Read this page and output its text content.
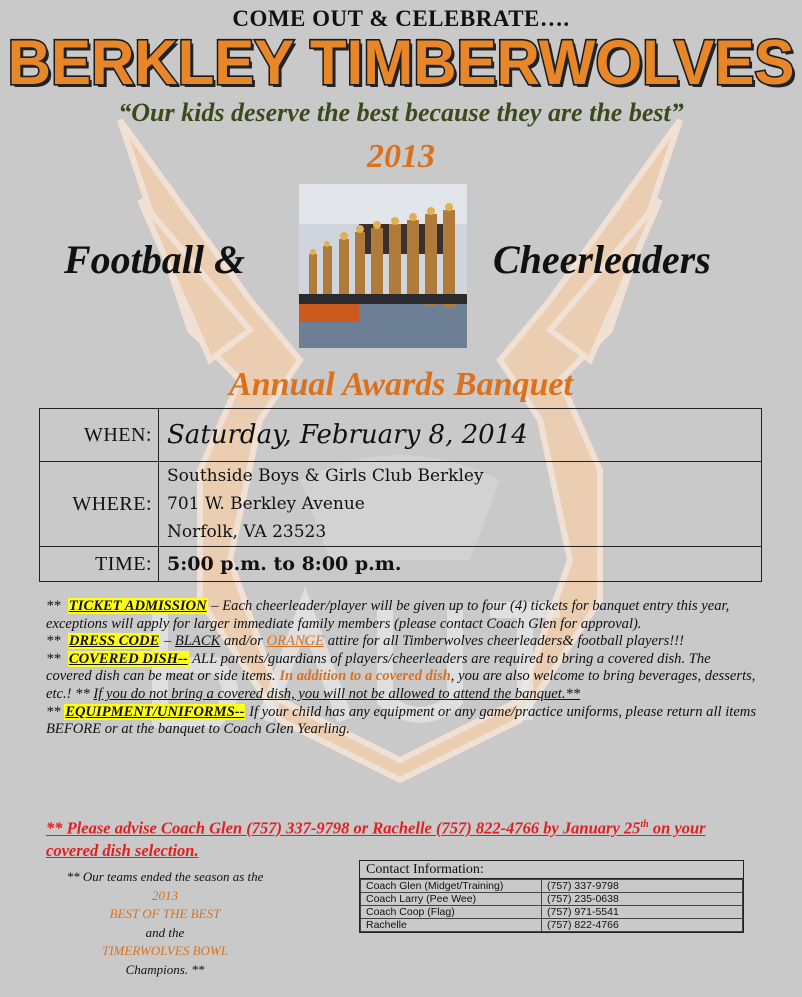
COME OUT & CELEBRATE….
BERKLEY TIMBERWOLVES
“Our kids deserve the best because they are the best”
2013
Football &	Cheerleaders
Annual Awards Banquet
WHEN:	Saturday, February 8, 2014
WHERE:	Southside Boys & Girls Club Berkley
701 W. Berkley Avenue
Norfolk, VA 23523

TIME:	5:00 p.m. to 8:00 p.m.

**  TICKET ADMISSION – Each cheerleader/player will be given up to four (4) tickets for banquet entry this year, exceptions will apply for larger immediate family members (please contact Coach Glen for approval).

**  DRESS CODE – BLACK and/or ORANGE attire for all Timberwolves cheerleaders& football players!!!

**  COVERED DISH-- ALL parents/guardians of players/cheerleaders are required to bring a covered dish. The covered dish can be meat or side items. In addition to a covered dish, you are also welcome to bring beverages, desserts, etc.! ** If you do not bring a covered dish, you will not be allowed to attend the banquet.**

** EQUIPMENT/UNIFORMS-- If your child has any equipment or any game/practice uniforms, please return all items BEFORE or at the banquet to Coach Glen Yearling.

** Please advise Coach Glen (757) 337-9798 or Rachelle (757) 822-4766 by January 25th on your covered dish selection.
** Our teams ended the season as the
2013
BEST OF THE BEST
and the
TIMERWOLVES BOWL
Champions. **
Contact Information:
Coach Glen (Midget/Training)	(757) 337-9798
Coach Larry (Pee Wee)	(757) 235-0638
Coach Coop (Flag)	(757) 971-5541
Rachelle	(757) 822-4766
